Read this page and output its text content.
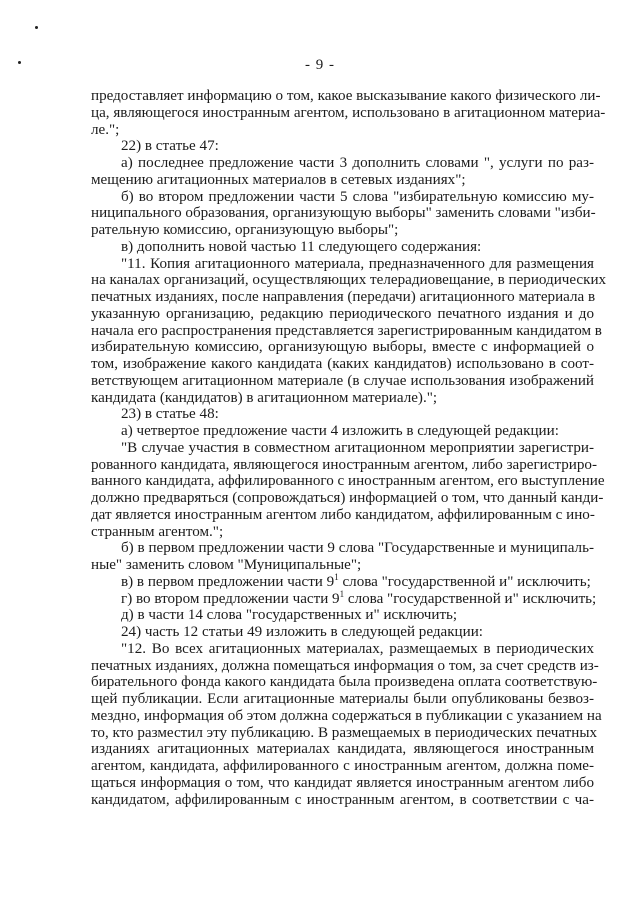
- 9 -
предоставляет информацию о том, какое высказывание какого физического ли-
ца, являющегося иностранным агентом, использовано в агитационном материа-
ле.";
22) в статье 47:
а) последнее предложение части 3 дополнить словами ", услуги по раз-
мещению агитационных материалов в сетевых изданиях";
б) во втором предложении части 5 слова "избирательную комиссию му-
ниципального образования, организующую выборы" заменить словами "изби-
рательную комиссию, организующую выборы";
в) дополнить новой частью 11 следующего содержания:
"11. Копия агитационного материала, предназначенного для размещения
на каналах организаций, осуществляющих телерадиовещание, в периодических
печатных изданиях, после направления (передачи) агитационного материала в
указанную организацию, редакцию периодического печатного издания и до
начала его распространения представляется зарегистрированным кандидатом в
избирательную комиссию, организующую выборы, вместе с информацией о
том, изображение какого кандидата (каких кандидатов) использовано в соот-
ветствующем агитационном материале (в случае использования изображений
кандидата (кандидатов) в агитационном материале).";
23) в статье 48:
а) четвертое предложение части 4 изложить в следующей редакции:
"В случае участия в совместном агитационном мероприятии зарегистри-
рованного кандидата, являющегося иностранным агентом, либо зарегистриро-
ванного кандидата, аффилированного с иностранным агентом, его выступление
должно предваряться (сопровождаться) информацией о том, что данный канди-
дат является иностранным агентом либо кандидатом, аффилированным с ино-
странным агентом.";
б) в первом предложении части 9 слова "Государственные и муниципаль-
ные" заменить словом "Муниципальные";
в) в первом предложении части $9^1$ слова "государственной и" исключить;
г) во втором предложении части $9^1$ слова "государственной и" исключить;
д) в части 14 слова "государственных и" исключить;
24) часть 12 статьи 49 изложить в следующей редакции:
"12. Во всех агитационных материалах, размещаемых в периодических
печатных изданиях, должна помещаться информация о том, за счет средств из-
бирательного фонда какого кандидата была произведена оплата соответствую-
щей публикации. Если агитационные материалы были опубликованы безвоз-
мездно, информация об этом должна содержаться в публикации с указанием на
то, кто разместил эту публикацию. В размещаемых в периодических печатных
изданиях агитационных материалах кандидата, являющегося иностранным
агентом, кандидата, аффилированного с иностранным агентом, должна поме-
щаться информация о том, что кандидат является иностранным агентом либо
кандидатом, аффилированным с иностранным агентом, в соответствии с ча-
